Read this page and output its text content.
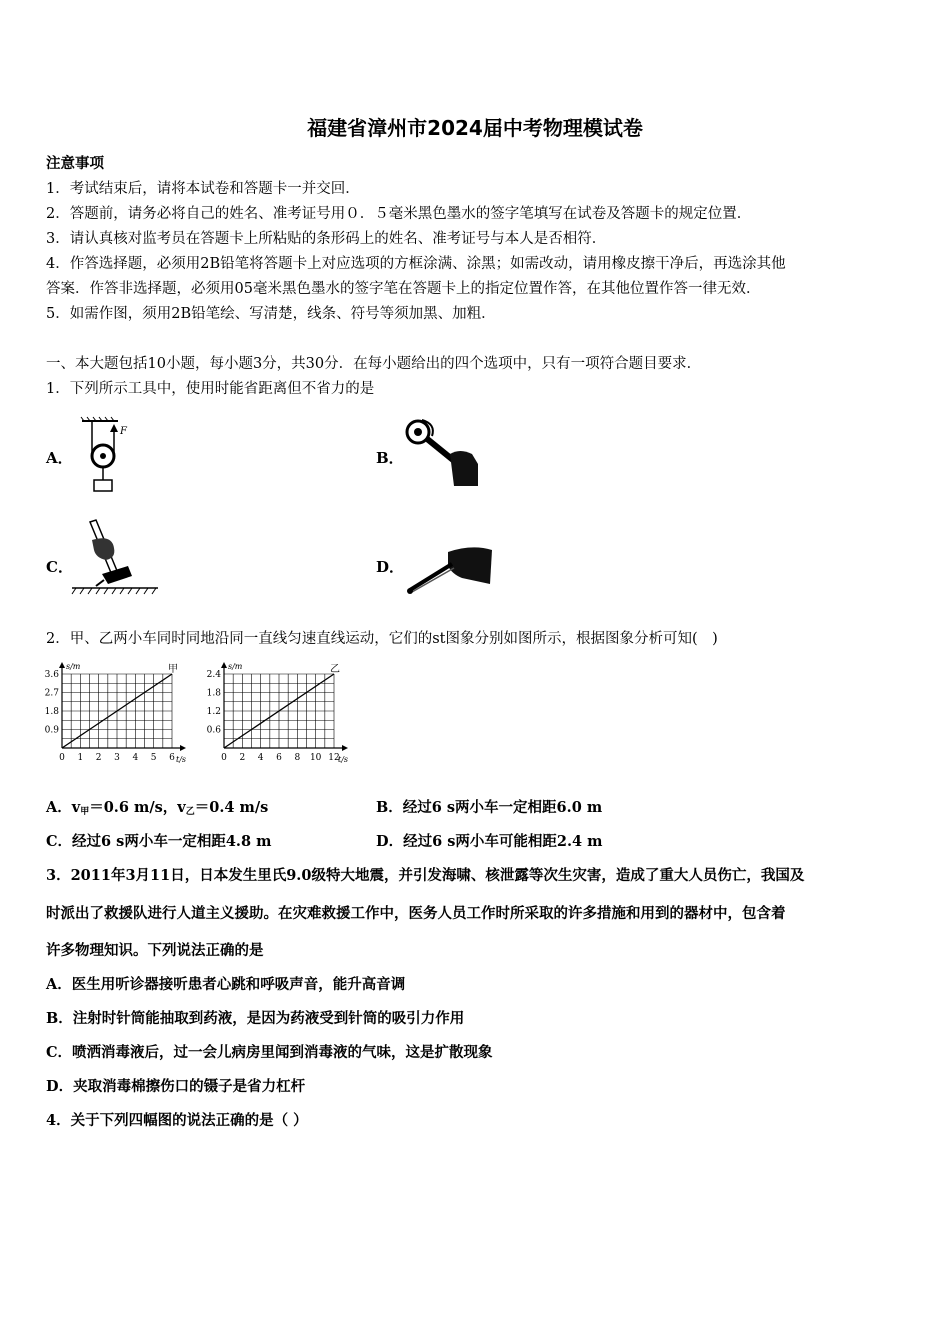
福建省漳州市2024届中考物理模试卷
注意事项
1．考试结束后，请将本试卷和答题卡一并交回．
2．答题前，请务必将自己的姓名、准考证号用０．５毫米黑色墨水的签字笔填写在试卷及答题卡的规定位置．
3．请认真核对监考员在答题卡上所粘贴的条形码上的姓名、准考证号与本人是否相符．
4．作答选择题，必须用2B铅笔将答题卡上对应选项的方框涂满、涂黑；如需改动，请用橡皮擦干净后，再选涂其他
答案．作答非选择题，必须用05毫米黑色墨水的签字笔在答题卡上的指定位置作答，在其他位置作答一律无效．
5．如需作图，须用2B铅笔绘、写清楚，线条、符号等须加黑、加粗．
一、本大题包括10小题，每小题3分，共30分．在每小题给出的四个选项中，只有一项符合题目要求．
1．下列所示工具中，使用时能省距离但不省力的是
A．
F
B．
C．	D．
2．甲、乙两小车同时同地沿同一直线匀速直线运动，它们的st图象分别如图所示，根据图象分析可知(　)
s/m
t/s
0 1 2 3 4 5 6
0.9
1.8
2.7
3.6	甲	s/m
t/s
0 2 4 6 8 10 12
0.6
1.2
1.8
2.4	乙
A．$v_甲=0.6$ m/s，$v_乙=0.4$ m/s	B．经过6 s两小车一定相距6.0 m
C．经过6 s两小车一定相距4.8 m	D．经过6 s两小车可能相距2.4 m
3．2011年3月11日，日本发生里氏9.0级特大地震，并引发海啸、核泄露等次生灾害，造成了重大人员伤亡，我国及
时派出了救援队进行人道主义援助。在灾难救援工作中，医务人员工作时所采取的许多措施和用到的器材中，包含着
许多物理知识。下列说法正确的是
A．医生用听诊器接听患者心跳和呼吸声音，能升高音调
B．注射时针筒能抽取到药液，是因为药液受到针筒的吸引力作用
C．喷洒消毒液后，过一会儿病房里闻到消毒液的气味，这是扩散现象
D．夹取消毒棉擦伤口的镊子是省力杠杆
4．关于下列四幅图的说法正确的是（ ）
